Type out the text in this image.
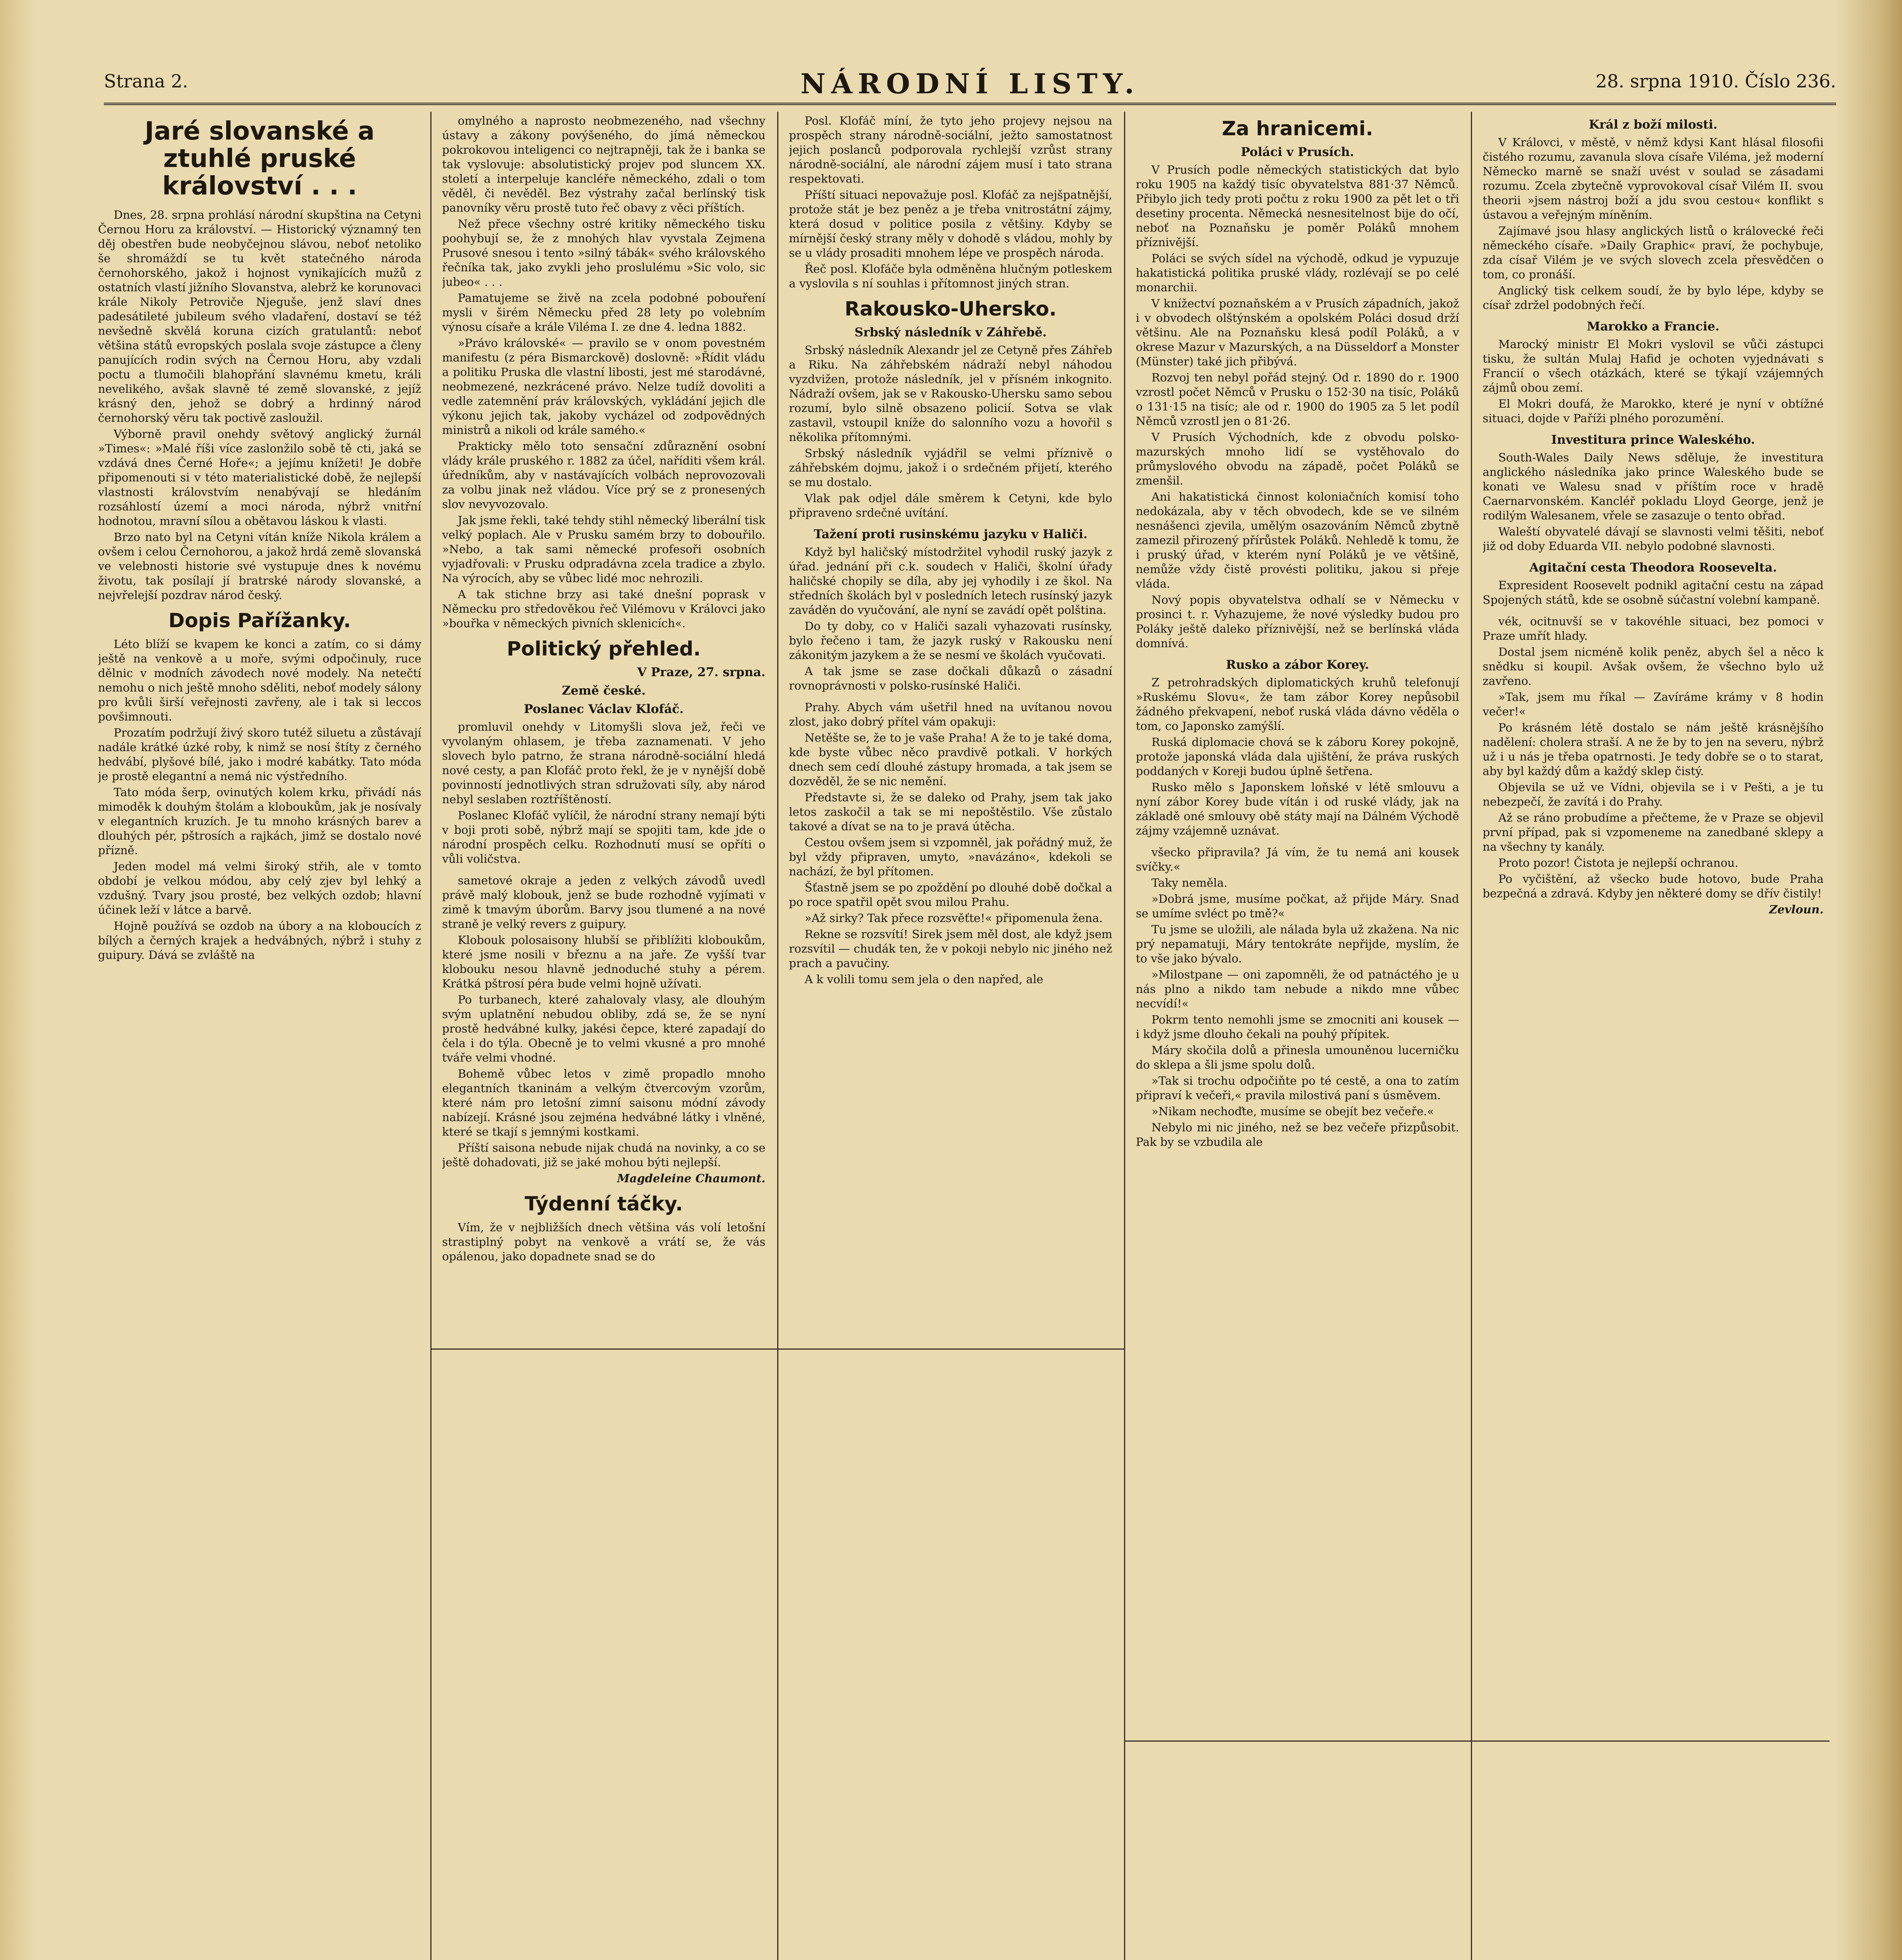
Strana 2.	NÁRODNÍ LISTY.	28. srpna 1910. Číslo 236.
Jaré slovanské a ztuhlé pruské království . . .

Dnes, 28. srpna prohlásí národní skupština na Cetyni Černou Horu za království. — Historický významný ten děj obestřen bude neobyčejnou slávou, neboť netoliko še shromáždí se tu květ statečného národa černohorského, jakož i hojnost vynikajících mužů z ostatních vlastí jižního Slovanstva, alebrž ke korunovaci krále Nikoly Petroviče Njeguše, jenž slaví dnes padesátileté jubileum svého vladaření, dostaví se též nevšedně skvělá koruna cizích gratulantů: neboť většina států evropských poslala svoje zástupce a členy panujících rodin svých na Černou Horu, aby vzdali poctu a tlumočili blahopřání slavnému kmetu, králi nevelikého, avšak slavně té země slovanské, z jejíž krásný den, jehož se dobrý a hrdinný národ černohorský věru tak poctivě zasloužil.

Výborně pravil onehdy světový anglický žurnál »Times«: »Malé říši více zaslonžilo sobě tě cti, jaká se vzdává dnes Černé Hoře«; a jejímu knížeti! Je dobře připomenouti si v této materialistické době, že nejlepší vlastnosti královstvím nenabývají se hledáním rozsáhlostí území a moci národa, nýbrž vnitřní hodnotou, mravní sílou a obětavou láskou k vlasti.

Brzo nato byl na Cetyni vítán kníže Nikola králem a ovšem i celou Černohorou, a jakož hrdá země slovanská ve velebnosti historie své vystupuje dnes k novému životu, tak posílají jí bratrské národy slovanské, a nejvřelejší pozdrav národ český.

Dopis Pařížanky.

Léto blíží se kvapem ke konci a zatím, co si dámy ještě na venkově a u moře, svými odpočinuly, ruce dělnic v modních závodech nové modely. Na netečtí nemohu o nich ještě mnoho sděliti, neboť modely sálony pro kvůli širší veřejnosti zavřeny, ale i tak si leccos povšimnouti.

Prozatím podržují živý skoro tutéž siluetu a zůstávají nadále krátké úzké roby, k nimž se nosí štíty z černého hedvábí, plyšové bílé, jako i modré kabátky. Tato móda je prostě elegantní a nemá nic výstředního.

Tato móda šerp, ovinutých kolem krku, přivádí nás mimoděk k douhým štolám a kloboukům, jak je nosívaly v elegantních kruzích. Je tu mnoho krásných barev a dlouhých pér, pštrosích a rajkách, jimž se dostalo nové přízně.

Jeden model má velmi široký střih, ale v tomto období je velkou módou, aby celý zjev byl lehký a vzdušný. Tvary jsou prosté, bez velkých ozdob; hlavní účinek leží v látce a barvě.

Hojně používá se ozdob na úbory a na kloboucích z bílých a černých krajek a hedvábných, nýbrž i stuhy z guipury. Dává se zvláště na

omylného a naprosto neobmezeného, nad všechny ústavy a zákony povýšeného, do jímá německou pokrokovou inteligenci co nejtrapněji, tak že i banka se tak vyslovuje: absolutistický projev pod sluncem XX. století a interpeluje kancléře německého, zdali o tom věděl, či nevěděl. Bez výstrahy začal berlínský tisk panovníky věru prostě tuto řeč obavy z věci příštích.

Než přece všechny ostré kritiky německého tisku poohybují se, že z mnohých hlav vyvstala Zejmena Prusové snesou i tento »silný tábák« svého královského řečníka tak, jako zvykli jeho proslulému »Sic volo, sic jubeo« . . .

Pamatujeme se živě na zcela podobné pobouření mysli v širém Německu před 28 lety po volebním výnosu císaře a krále Viléma I. ze dne 4. ledna 1882.

»Právo královské« — pravilo se v onom povestném manifestu (z péra Bismarckově) doslovně: »Řídit vládu a politiku Pruska dle vlastní libosti, jest mé starodávné, neobmezené, nezkrácené právo. Nelze tudíž dovoliti a vedle zatemnění práv královských, vykládání jejich dle výkonu jejich tak, jakoby vycházel od zodpovědných ministrů a nikoli od krále samého.«

Prakticky mělo toto sensační zdůraznění osobní vlády krále pruského r. 1882 za účel, naříditi všem král. úředníkům, aby v nastávajících volbách neprovozovali za volbu jinak než vládou. Více prý se z pronesených slov nevyvozovalo.

Jak jsme řekli, také tehdy stihl německý liberální tisk velký poplach. Ale v Prusku samém brzy to dobouřilo. »Nebo, a tak sami německé profesoři osobních vyjadřovali: v Prusku odpradávna zcela tradice a zbylo. Na výrocích, aby se vůbec lidé moc nehrozili.

A tak stichne brzy asi také dnešní poprask v Německu pro středověkou řeč Vilémovu v Královci jako »bouřka v německých pivních sklenicích«.

Politický přehled.
V Praze, 27. srpna.
Země české.
Poslanec Václav Klofáč.

promluvil onehdy v Litomyšli slova jež, řeči ve vyvolaným ohlasem, je třeba zaznamenati. V jeho slovech bylo patrno, že strana národně-sociální hledá nové cesty, a pan Klofáč proto řekl, že je v nynější době povinností jednotlivých stran sdružovati síly, aby národ nebyl seslaben roztříštěností.

Poslanec Klofáč vylíčil, že národní strany nemají býti v boji proti sobě, nýbrž mají se spojiti tam, kde jde o národní prospěch celku. Rozhodnutí musí se opříti o vůli voličstva.

sametové okraje a jeden z velkých závodů uvedl právě malý klobouk, jenž se bude rozhodně vyjímati v zimě k tmavým úborům. Barvy jsou tlumené a na nové straně je velký revers z guipury.

Klobouk polosaisony hlubší se přiblížiti kloboukům, které jsme nosili v březnu a na jaře. Ze vyšší tvar klobouku nesou hlavně jednoduché stuhy a pérem. Krátká pštrosí péra bude velmi hojně užívati.

Po turbanech, které zahalovaly vlasy, ale dlouhým svým uplatnění nebudou obliby, zdá se, že se nyní prostě hedvábné kulky, jakési čepce, které zapadají do čela i do týla. Obecně je to velmi vkusné a pro mnohé tváře velmi vhodné.

Bohemě vůbec letos v zimě propadlo mnoho elegantních tkaninám a velkým čtvercovým vzorům, které nám pro letošní zimní saisonu módní závody nabízejí. Krásné jsou zejména hedvábné látky i vlněné, které se tkají s jemnými kostkami.

Příští saisona nebude nijak chudá na novinky, a co se ještě dohadovati, již se jaké mohou býti nejlepší.

Magdeleine Chaumont.
Týdenní táčky.

Vím, že v nejbližších dnech většina vás volí letošní strastiplný pobyt na venkově a vrátí se, že vás opálenou, jako dopadnete snad se do

Posl. Klofáč míní, že tyto jeho projevy nejsou na prospěch strany národně-sociální, ježto samostatnost jejich poslanců podporovala rychlejší vzrůst strany národně-sociální, ale národní zájem musí i tato strana respektovati.

Příští situaci nepovažuje posl. Klofáč za nejšpatnější, protože stát je bez peněz a je třeba vnitrostátní zájmy, která dosud v politice posila z většiny. Kdyby se mírnější český strany měly v dohodě s vládou, mohly by se u vlády prosaditi mnohem lépe ve prospěch národa.

Řeč posl. Klofáče byla odměněna hlučným potleskem a vyslovila s ní souhlas i přítomnost jiných stran.

Rakousko-Uhersko.
Srbský následník v Záhřebě.

Srbský následník Alexandr jel ze Cetyně přes Záhřeb a Riku. Na záhřebském nádraží nebyl náhodou vyzdvižen, protože následník, jel v přísném inkognito. Nádraží ovšem, jak se v Rakousko-Uhersku samo sebou rozumí, bylo silně obsazeno policií. Sotva se vlak zastavil, vstoupil kníže do salonního vozu a hovořil s několika přítomnými.

Srbský následník vyjádřil se velmi příznivě o záhřebském dojmu, jakož i o srdečném přijetí, kterého se mu dostalo.

Vlak pak odjel dále směrem k Cetyni, kde bylo připraveno srdečné uvítání.

Tažení proti rusinskému jazyku v Haliči.

Když byl haličský místodržitel vyhodil ruský jazyk z úřad. jednání při c.k. soudech v Haliči, školní úřady haličské chopily se díla, aby jej vyhodily i ze škol. Na středních školách byl v posledních letech rusínský jazyk zaváděn do vyučování, ale nyní se zavádí opět polština.

Do ty doby, co v Haliči sazali vyhazovati rusínsky, bylo řečeno i tam, že jazyk ruský v Rakousku není zákonitým jazykem a že se nesmí ve školách vyučovati.

A tak jsme se zase dočkali důkazů o zásadní rovnoprávnosti v polsko-rusínské Haliči.

Prahy. Abych vám ušetřil hned na uvítanou novou zlost, jako dobrý přítel vám opakuji:

Netěšte se, že to je vaše Praha! A že to je také doma, kde byste vůbec něco pravdivě potkali. V horkých dnech sem cedí dlouhé zástupy hromada, a tak jsem se dozvěděl, že se nic nemění.

Představte si, že se daleko od Prahy, jsem tak jako letos zaskočil a tak se mi nepoštěstilo. Vše zůstalo takové a dívat se na to je pravá útěcha.

Cestou ovšem jsem si vzpomněl, jak pořádný muž, že byl vždy připraven, umyto, »navázáno«, kdekoli se nachází, že byl přítomen.

Šťastně jsem se po zpoždění po dlouhé době dočkal a po roce spatřil opět svou milou Prahu.

»Až sirky? Tak přece rozsvěťte!« připomenula žena.

Rekne se rozsvítí! Sirek jsem měl dost, ale když jsem rozsvítil — chudák ten, že v pokoji nebylo nic jiného než prach a pavučiny.

A k volili tomu sem jela o den napřed, ale

Za hranicemi.
Poláci v Prusích.

V Prusích podle německých statistických dat bylo roku 1905 na každý tisíc obyvatelstva 881·37 Němců. Přibylo jich tedy proti počtu z roku 1900 za pět let o tři desetiny procenta. Německá nesnesitelnost bije do očí, neboť na Poznaňsku je poměr Poláků mnohem příznivější.

Poláci se svých sídel na východě, odkud je vypuzuje hakatistická politika pruské vlády, rozlévají se po celé monarchii.

V knížectví poznaňském a v Prusích západních, jakož i v obvodech olštýnském a opolském Poláci dosud drží většinu. Ale na Poznaňsku klesá podíl Poláků, a v okrese Mazur v Mazurských, a na Düsseldorf a Monster (Münster) také jich přibývá.

Rozvoj ten nebyl pořád stejný. Od r. 1890 do r. 1900 vzrostl počet Němců v Prusku o 152·30 na tisíc, Poláků o 131·15 na tisíc; ale od r. 1900 do 1905 za 5 let podíl Němců vzrostl jen o 81·26.

V Prusích Východních, kde z obvodu polsko-mazurských mnoho lidí se vystěhovalo do průmyslového obvodu na západě, počet Poláků se zmenšil.

Ani hakatistická činnost koloniačních komisí toho nedokázala, aby v těch obvodech, kde se ve silném nesnášenci zjevila, umělým osazováním Němců zbytně zamezil přirozený přírůstek Poláků. Nehledě k tomu, že i pruský úřad, v kterém nyní Poláků je ve většině, nemůže vždy čistě provésti politiku, jakou si přeje vláda.

Nový popis obyvatelstva odhalí se v Německu v prosinci t. r. Vyhazujeme, že nové výsledky budou pro Poláky ještě daleko příznivější, než se berlínská vláda domnívá.

Rusko a zábor Korey.

Z petrohradských diplomatických kruhů telefonují »Ruskému Slovu«, že tam zábor Korey nepůsobil žádného překvapení, neboť ruská vláda dávno věděla o tom, co Japonsko zamýšlí.

Ruská diplomacie chová se k záboru Korey pokojně, protože japonská vláda dala ujištění, že práva ruských poddaných v Koreji budou úplně šetřena.

Rusko mělo s Japonskem loňské v létě smlouvu a nyní zábor Korey bude vítán i od ruské vlády, jak na základě oné smlouvy obě státy mají na Dálném Východě zájmy vzájemně uznávat.

všecko připravila? Já vím, že tu nemá ani kousek svíčky.«

Taky neměla.

»Dobrá jsme, musíme počkat, až přijde Máry. Snad se umíme svléct po tmě?«

Tu jsme se uložili, ale nálada byla už zkažena. Na nic prý nepamatuji, Máry tentokráte nepřijde, myslím, že to vše jako bývalo.

»Milostpane — oni zapomněli, že od patnáctého je u nás plno a nikdo tam nebude a nikdo mne vůbec necvídí!«

Pokrm tento nemohli jsme se zmocniti ani kousek — i když jsme dlouho čekali na pouhý přípitek.

Máry skočila dolů a přinesla umouněnou lucerničku do sklepa a šli jsme spolu dolů.

»Tak si trochu odpočiňte po té cestě, a ona to zatím připraví k večeři,« pravila milostivá paní s úsměvem.

»Nikam nechoďte, musíme se obejít bez večeře.«

Nebylo mi nic jiného, než se bez večeře přizpůsobit. Pak by se vzbudila ale

Král z boží milosti.

V Královci, v městě, v němž kdysi Kant hlásal filosofii čistého rozumu, zavanula slova císaře Viléma, jež moderní Německo marně se snaží uvést v soulad se zásadami rozumu. Zcela zbytečně vyprovokoval císař Vilém II. svou theorii »jsem nástroj boží a jdu svou cestou« konflikt s ústavou a veřejným míněním.

Zajímavé jsou hlasy anglických listů o královecké řeči německého císaře. »Daily Graphic« praví, že pochybuje, zda císař Vilém je ve svých slovech zcela přesvědčen o tom, co pronáší.

Anglický tisk celkem soudí, že by bylo lépe, kdyby se císař zdržel podobných řečí.

Marokko a Francie.

Marocký ministr El Mokri vyslovil se vůči zástupci tisku, že sultán Mulaj Hafid je ochoten vyjednávati s Francií o všech otázkách, které se týkají vzájemných zájmů obou zemí.

El Mokri doufá, že Marokko, které je nyní v obtížné situaci, dojde v Paříži plného porozumění.

Investitura prince Waleského.

South-Wales Daily News sděluje, že investitura anglického následníka jako prince Waleského bude se konati ve Walesu snad v příštím roce v hradě Caernarvonském. Kancléř pokladu Lloyd George, jenž je rodilým Walesanem, vřele se zasazuje o tento obřad.

Waleští obyvatelé dávají se slavnosti velmi těšiti, neboť již od doby Eduarda VII. nebylo podobné slavnosti.

Agitační cesta Theodora Roosevelta.

Expresident Roosevelt podnikl agitační cestu na západ Spojených států, kde se osobně súčastní volební kampaně.

vék, ocitnuvší se v takovéhle situaci, bez pomoci v Praze umřít hlady.

Dostal jsem nicméně kolik peněz, abych šel a něco k snědku si koupil. Avšak ovšem, že všechno bylo už zavřeno.

»Tak, jsem mu říkal — Zavíráme krámy v 8 hodin večer!«

Po krásném létě dostalo se nám ještě krásnějšího nadělení: cholera straší. A ne že by to jen na severu, nýbrž už i u nás je třeba opatrnosti. Je tedy dobře se o to starat, aby byl každý dům a každý sklep čistý.

Objevila se už ve Vídni, objevila se i v Pešti, a je tu nebezpečí, že zavítá i do Prahy.

Až se ráno probudíme a přečteme, že v Praze se objevil první případ, pak si vzpomeneme na zanedbané sklepy a na všechny ty kanály.

Proto pozor! Čistota je nejlepší ochranou.

Po vyčištění, až všecko bude hotovo, bude Praha bezpečná a zdravá. Kdyby jen některé domy se dřív čistily!

Zevloun.
